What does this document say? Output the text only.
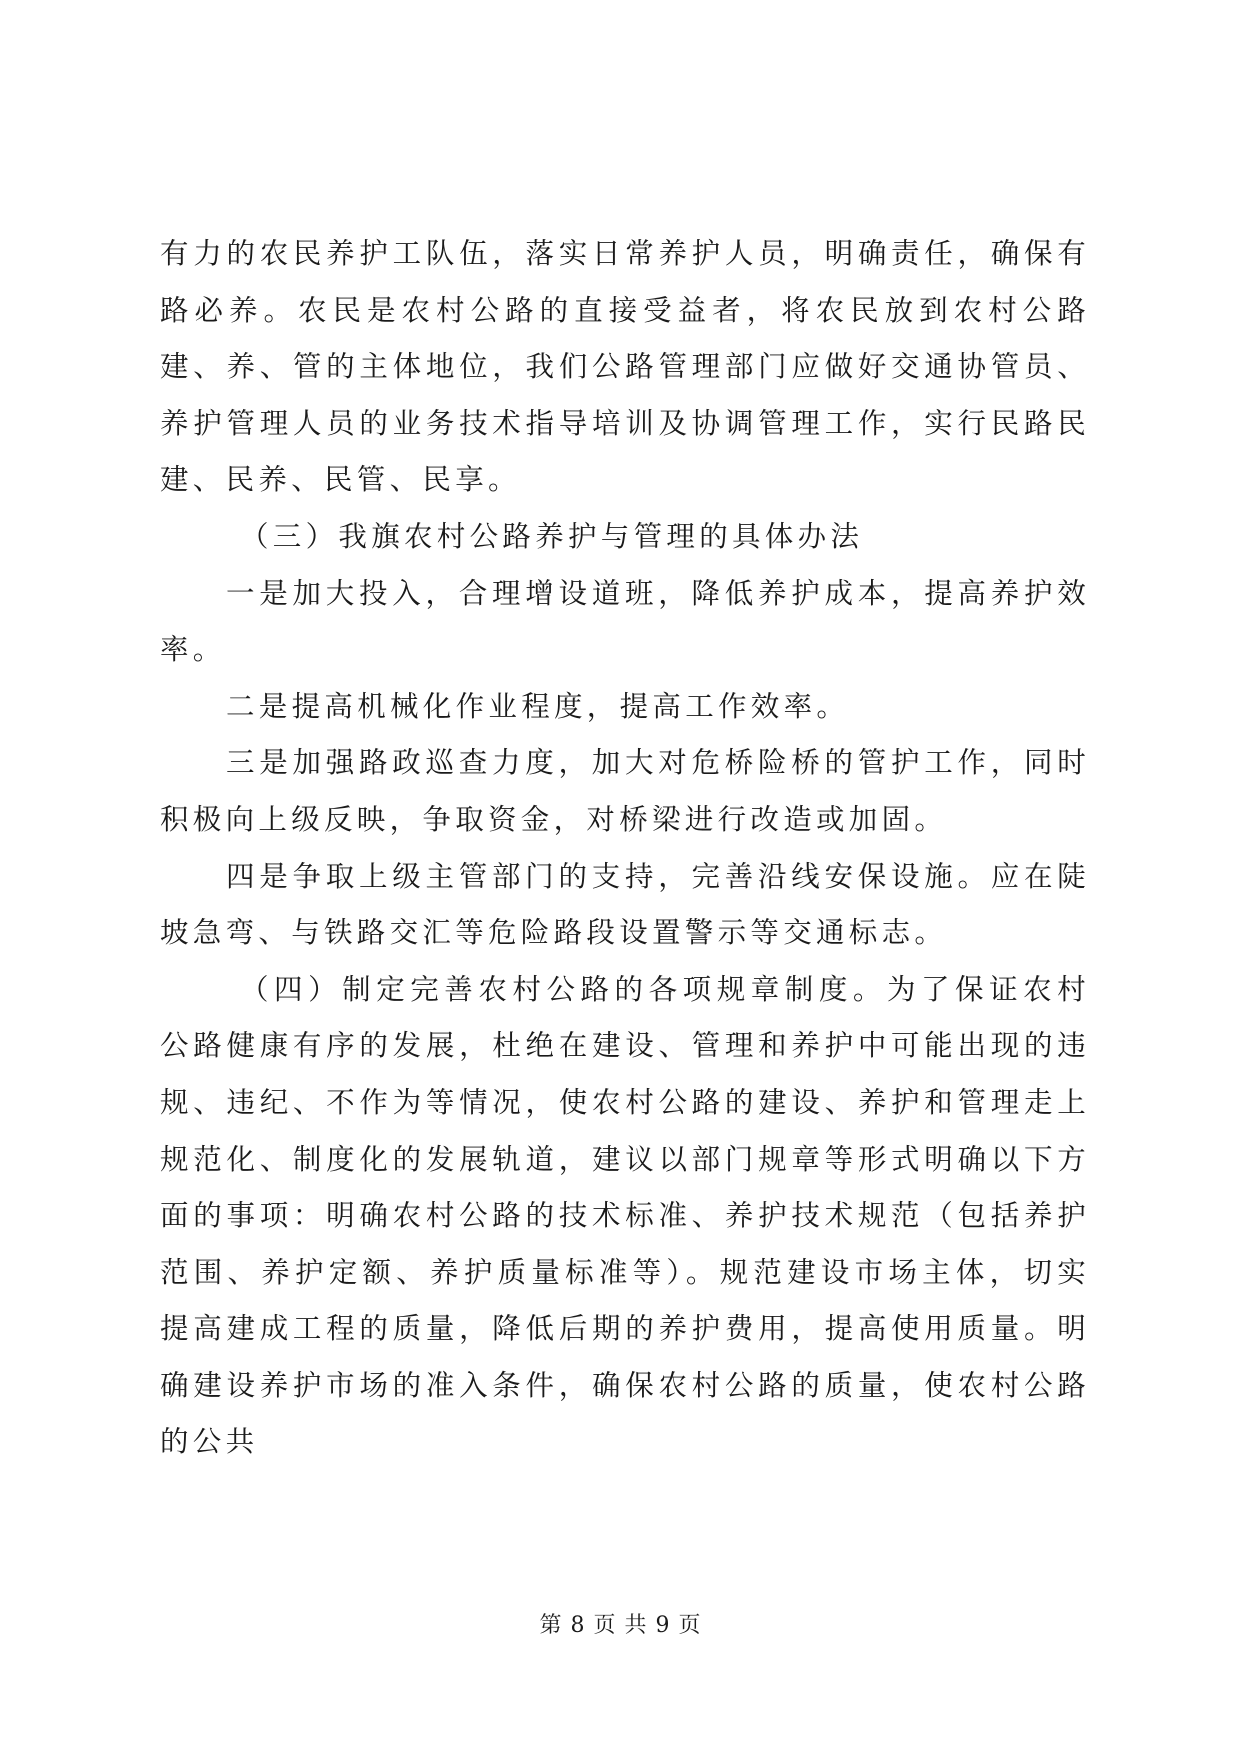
有力的农民养护工队伍，落实日常养护人员，明确责任，确保有路必养。农民是农村公路的直接受益者，将农民放到农村公路建、养、管的主体地位，我们公路管理部门应做好交通协管员、养护管理人员的业务技术指导培训及协调管理工作，实行民路民建、民养、民管、民享。

（三）我旗农村公路养护与管理的具体办法

一是加大投入，合理增设道班，降低养护成本，提高养护效率。

二是提高机械化作业程度，提高工作效率。

三是加强路政巡查力度，加大对危桥险桥的管护工作，同时积极向上级反映，争取资金，对桥梁进行改造或加固。

四是争取上级主管部门的支持，完善沿线安保设施。应在陡坡急弯、与铁路交汇等危险路段设置警示等交通标志。

（四）制定完善农村公路的各项规章制度。为了保证农村公路健康有序的发展，杜绝在建设、管理和养护中可能出现的违规、违纪、不作为等情况，使农村公路的建设、养护和管理走上规范化、制度化的发展轨道，建议以部门规章等形式明确以下方面的事项：明确农村公路的技术标准、养护技术规范（包括养护范围、养护定额、养护质量标准等）。规范建设市场主体，切实提高建成工程的质量，降低后期的养护费用，提高使用质量。明确建设养护市场的准入条件，确保农村公路的质量，使农村公路的公共

第 8 页 共 9 页
